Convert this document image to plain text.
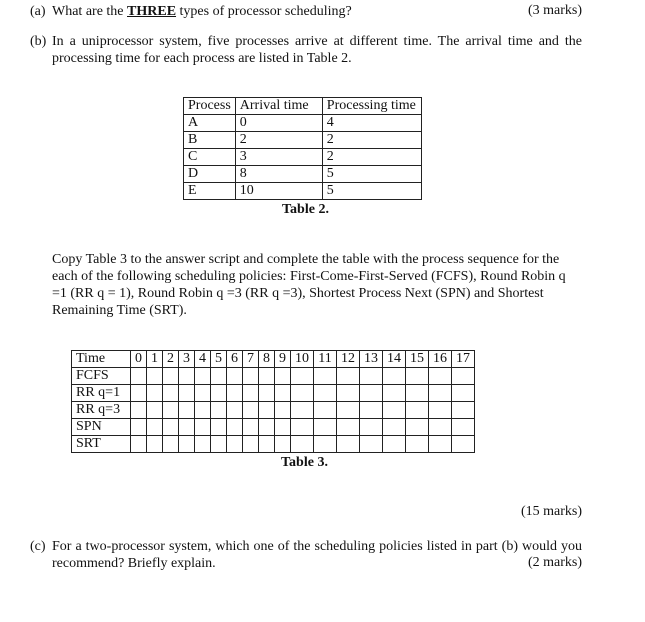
(a) What are the THREE types of processor scheduling?	(3 marks)
(b) In a uniprocessor system, five processes arrive at different time. The arrival time and the processing time for each process are listed in Table 2.
Process	Arrival time	Processing time
A	0	4
B	2	2
C	3	2
D	8	5
E	10	5
Table 2.
Copy Table 3 to the answer script and complete the table with the process sequence for the each of the following scheduling policies: First-Come-First-Served (FCFS), Round Robin q =1 (RR q = 1), Round Robin q =3 (RR q =3), Shortest Process Next (SPN) and Shortest Remaining Time (SRT).
Time	0	1	2	3	4	5	6	7	8	9	10	11	12	13	14	15	16	17
FCFS																		
RR q=1																		
RR q=3																		
SPN																		
SRT																		
Table 3.
(15 marks)
(c) For a two-processor system, which one of the scheduling policies listed in part (b) would you recommend? Briefly explain.	(2 marks)
